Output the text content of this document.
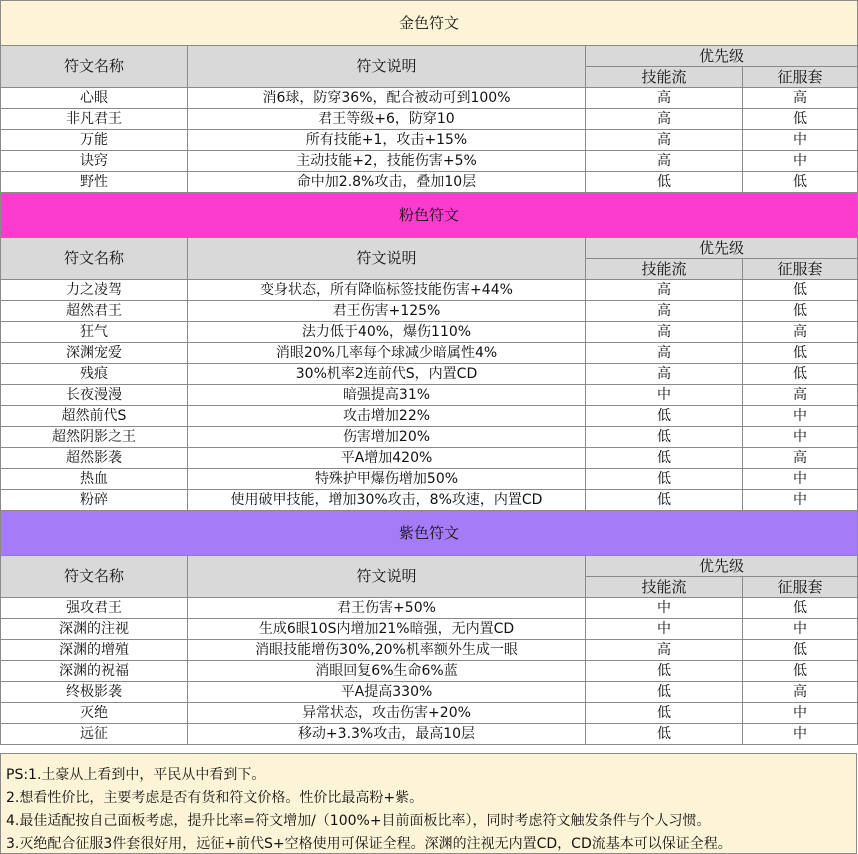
金色符文			
符文名称	符文说明	优先级	
		技能流	征服套
心眼	消6球，防穿36%，配合被动可到100%	高	高
非凡君王	君王等级+6，防穿10	高	低
万能	所有技能+1，攻击+15%	高	中
诀窍	主动技能+2，技能伤害+5%	高	中
野性	命中加2.8%攻击，叠加10层	低	低
粉色符文			
符文名称	符文说明	优先级	
		技能流	征服套
力之凌驾	变身状态，所有降临标签技能伤害+44%	高	低
超然君王	君王伤害+125%	高	低
狂气	法力低于40%，爆伤110%	高	高
深渊宠爱	消眼20%几率每个球减少暗属性4%	高	低
残痕	30%机率2连前代S，内置CD	高	低
长夜漫漫	暗强提高31%	中	高
超然前代S	攻击增加22%	低	中
超然阴影之王	伤害增加20%	低	中
超然影袭	平A增加420%	低	高
热血	特殊护甲爆伤增加50%	低	中
粉碎	使用破甲技能，增加30%攻击，8%攻速，内置CD	低	中
紫色符文			
符文名称	符文说明	优先级	
		技能流	征服套
强攻君王	君王伤害+50%	中	低
深渊的注视	生成6眼10S内增加21%暗强，无内置CD	中	中
深渊的增殖	消眼技能增伤30%,20%机率额外生成一眼	高	低
深渊的祝福	消眼回复6%生命6%蓝	低	低
终极影袭	平A提高330%	低	高
灭绝	异常状态，攻击伤害+20%	低	中
远征	移动+3.3%攻击，最高10层	低	中
PS:1.土豪从上看到中，平民从中看到下。
2.想看性价比，主要考虑是否有货和符文价格。性价比最高粉+紫。
4.最佳适配按自己面板考虑，提升比率=符文增加/（100%+目前面板比率），同时考虑符文触发条件与个人习惯。
3.灭绝配合征服3件套很好用，远征+前代S+空格使用可保证全程。深渊的注视无内置CD，CD流基本可以保证全程。
